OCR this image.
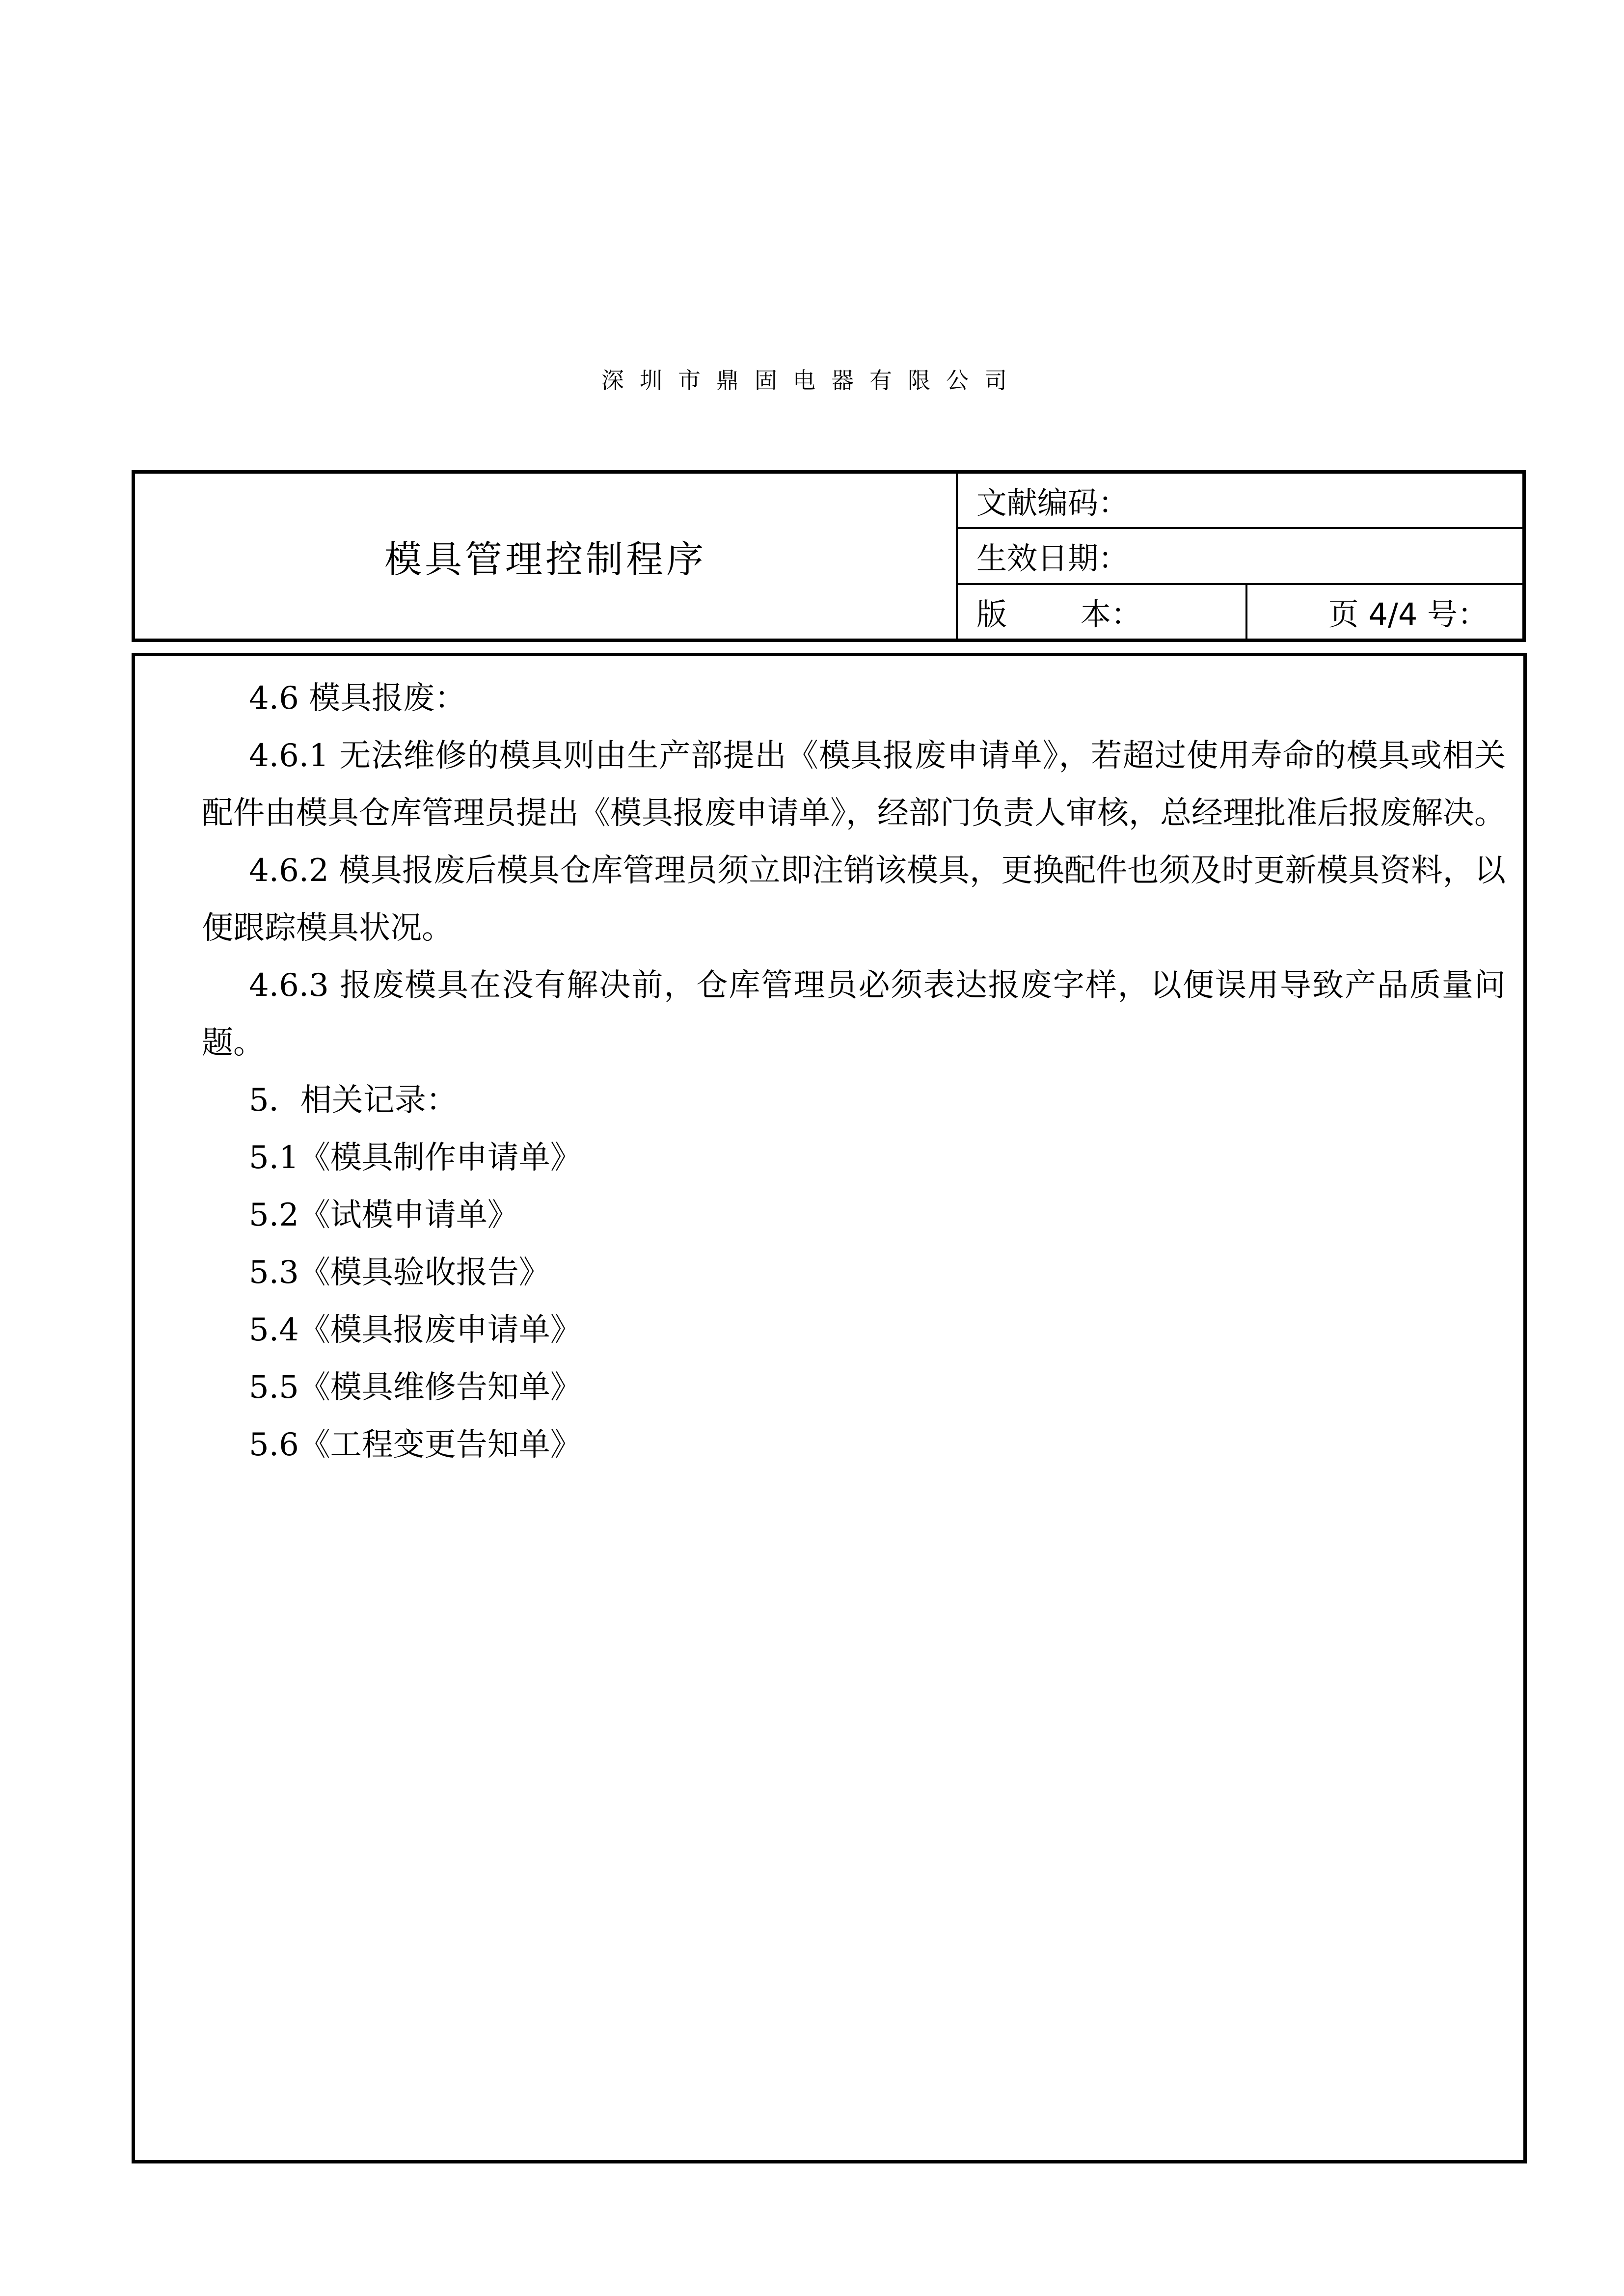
深圳市鼎固电器有限公司
模具管理控制程序
文献编码：
生效日期：
版 本：	页 4/4 号：

4.6 模具报废：

4.6.1 无法维修的模具则由生产部提出《模具报废申请单》，若超过使用寿命的模具或相关配件由模具仓库管理员提出《模具报废申请单》，经部门负责人审核，总经理批准后报废解决。

4.6.2 模具报废后模具仓库管理员须立即注销该模具，更换配件也须及时更新模具资料，以便跟踪模具状况。

4.6.3 报废模具在没有解决前，仓库管理员必须表达报废字样，以便误用导致产品质量问题。

5．相关记录：

5.1《模具制作申请单》

5.2《试模申请单》

5.3《模具验收报告》

5.4《模具报废申请单》

5.5《模具维修告知单》

5.6《工程变更告知单》
